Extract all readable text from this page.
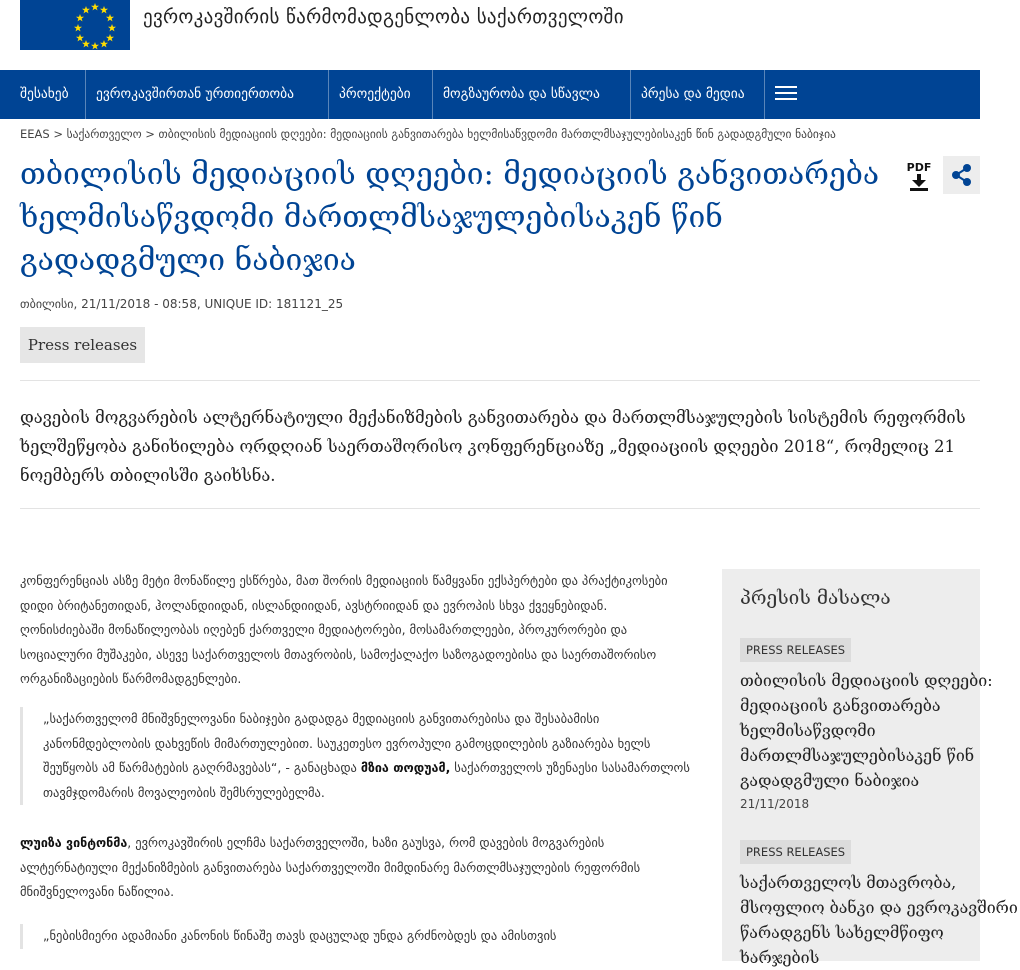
ევროკავშირის წარმომადგენლობა საქართველოში
შესახებ	ევროკავშირთან ურთიერთობა	პროექტები	მოგზაურობა და სწავლა	პრესა და მედია
EEAS > საქართველო > თბილისის მედიაციის დღეები: მედიაციის განვითარება ხელმისაწვდომი მართლმსაჯულებისაკენ წინ გადადგმული ნაბიჯია
თბილისის მედიაციის დღეები: მედიაციის განვითარება ხელმისაწვდომი მართლმსაჯულებისაკენ წინ გადადგმული ნაბიჯია
PDF
თბილისი, 21/11/2018 - 08:58, UNIQUE ID: 181121_25
Press releases

დავების მოგვარების ალტერნატიული მექანიზმების განვითარება და მართლმსაჯულების სისტემის რეფორმის ხელშეწყობა განიხილება ორდღიან საერთაშორისო კონფერენციაზე „მედიაციის დღეები 2018“, რომელიც 21 ნოემბერს თბილისში გაიხსნა.

კონფერენციას ასზე მეტი მონაწილე ესწრება, მათ შორის მედიაციის წამყვანი ექსპერტები და პრაქტიკოსები დიდი ბრიტანეთიდან, ჰოლანდიიდან, ისლანდიიდან, ავსტრიიდან და ევროპის სხვა ქვეყნებიდან. ღონისძიებაში მონაწილეობას იღებენ ქართველი მედიატორები, მოსამართლეები, პროკურორები და სოციალური მუშაკები, ასევე საქართველოს მთავრობის, სამოქალაქო საზოგადოებისა და საერთაშორისო ორგანიზაციების წარმომადგენლები.

„საქართველომ მნიშვნელოვანი ნაბიჯები გადადგა მედიაციის განვითარებისა და შესაბამისი კანონმდებლობის დახვეწის მიმართულებით. საუკეთესო ევროპული გამოცდილების გაზიარება ხელს შეუწყობს ამ წარმატების გაღრმავებას“, - განაცხადა მზია თოდუამ, საქართველოს უზენაესი სასამართლოს თავმჯდომარის მოვალეობის შემსრულებელმა.

ლუიზა ვინტონმა, ევროკავშირის ელჩმა საქართველოში, ხაზი გაუსვა, რომ დავების მოგვარების ალტერნატიული მექანიზმების განვითარება საქართველოში მიმდინარე მართლმსაჯულების რეფორმის მნიშვნელოვანი ნაწილია.

„ნებისმიერი ადამიანი კანონის წინაშე თავს დაცულად უნდა გრძნობდეს და ამისთვის

პრესის მასალა
PRESS RELEASES

თბილისის მედიაციის დღეები: მედიაციის განვითარება ხელმისაწვდომი მართლმსაჯულებისაკენ წინ გადადგმული ნაბიჯია

21/11/2018
PRESS RELEASES

საქართველოს მთავრობა, მსოფლიო ბანკი და ევროკავშირი წარადგენს სახელმწიფო ხარჯების
